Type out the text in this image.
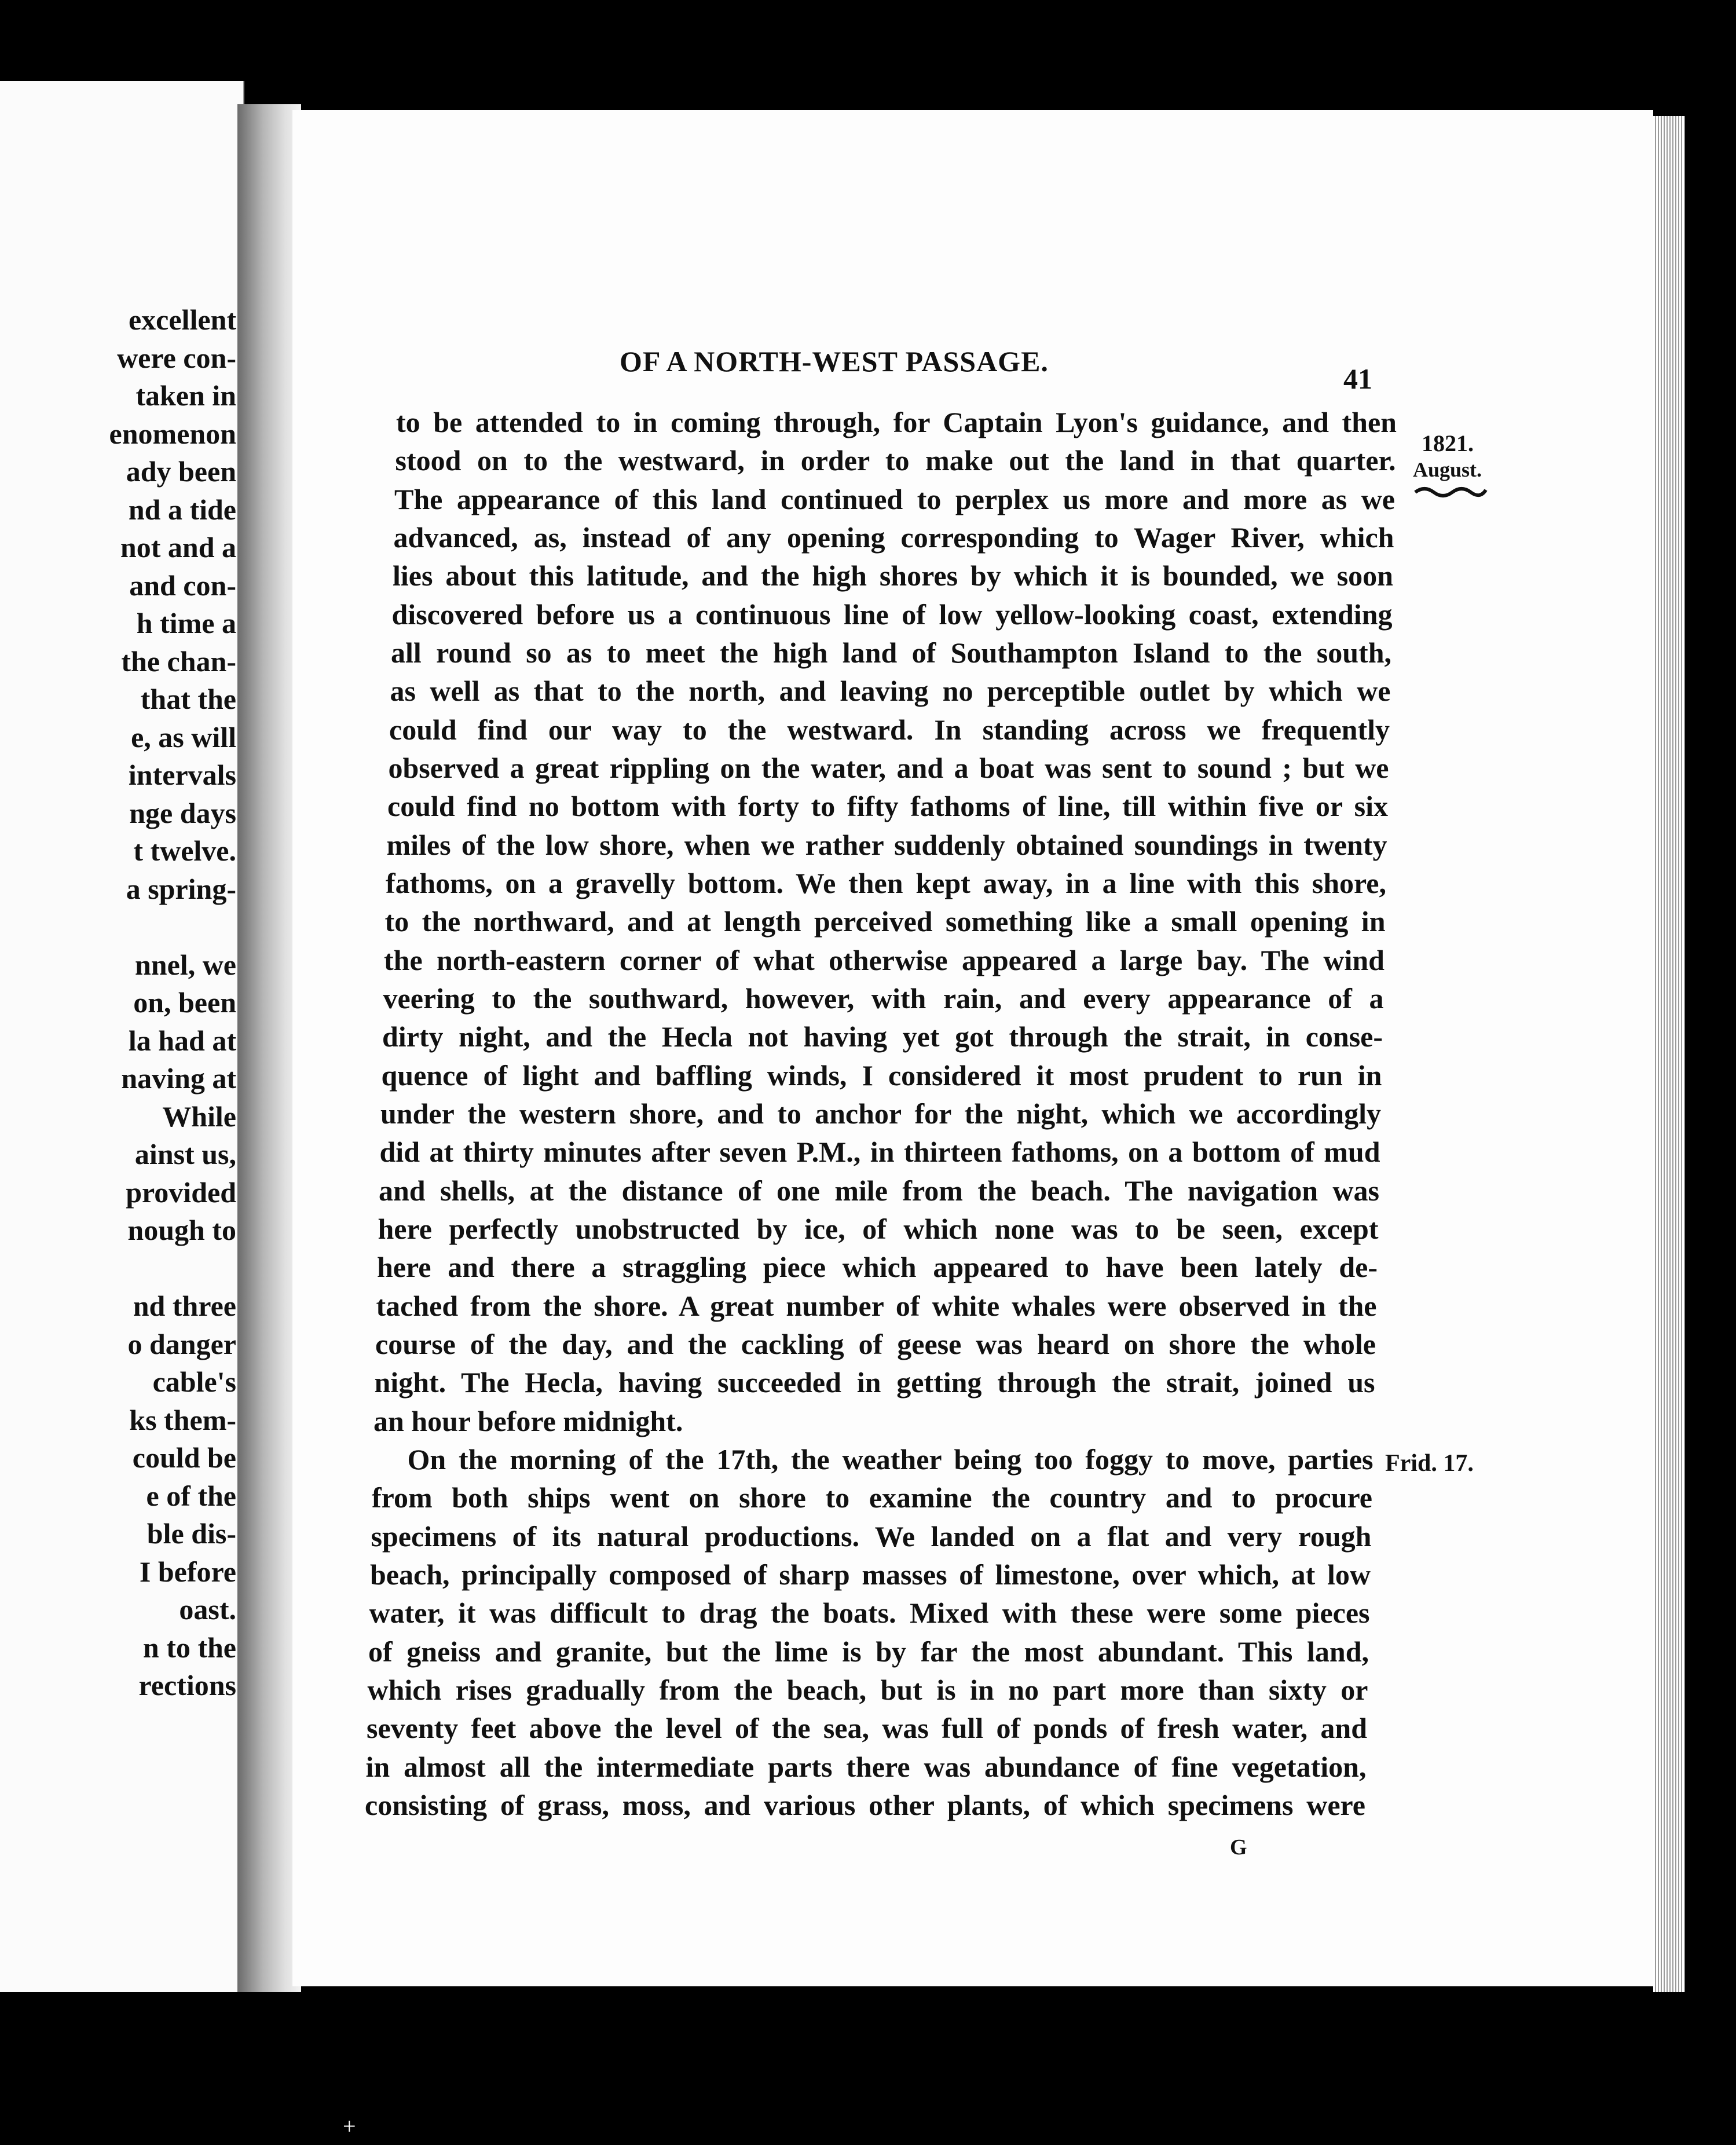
excellent
were con-
taken in
enomenon
ady been
nd a tide
not and a
and con-
h time a
the chan-
that the
e, as will
intervals
nge days
t twelve.
a spring-
nnel, we
on, been
la had at
naving at
While
ainst us,
provided
nough to
nd three
o danger
cable's
ks them-
could be
e of the
ble dis-
I before
oast.
n to the
rections
OF A NORTH-WEST PASSAGE.
41
1821.
August.
Frid. 17.
to be attended to in coming through, for Captain Lyon's guidance, and then
stood on to the westward, in order to make out the land in that quarter.
The appearance of this land continued to perplex us more and more as we
advanced, as, instead of any opening corresponding to Wager River, which
lies about this latitude, and the high shores by which it is bounded, we soon
discovered before us a continuous line of low yellow-looking coast, extending
all round so as to meet the high land of Southampton Island to the south,
as well as that to the north, and leaving no perceptible outlet by which we
could find our way to the westward. In standing across we frequently
observed a great rippling on the water, and a boat was sent to sound ; but we
could find no bottom with forty to fifty fathoms of line, till within five or six
miles of the low shore, when we rather suddenly obtained soundings in twenty
fathoms, on a gravelly bottom. We then kept away, in a line with this shore,
to the northward, and at length perceived something like a small opening in
the north-eastern corner of what otherwise appeared a large bay. The wind
veering to the southward, however, with rain, and every appearance of a
dirty night, and the Hecla not having yet got through the strait, in conse-
quence of light and baffling winds, I considered it most prudent to run in
under the western shore, and to anchor for the night, which we accordingly
did at thirty minutes after seven P.M., in thirteen fathoms, on a bottom of mud
and shells, at the distance of one mile from the beach. The navigation was
here perfectly unobstructed by ice, of which none was to be seen, except
here and there a straggling piece which appeared to have been lately de-
tached from the shore. A great number of white whales were observed in the
course of the day, and the cackling of geese was heard on shore the whole
night. The Hecla, having succeeded in getting through the strait, joined us
an hour before midnight.
On the morning of the 17th, the weather being too foggy to move, parties
from both ships went on shore to examine the country and to procure
specimens of its natural productions. We landed on a flat and very rough
beach, principally composed of sharp masses of limestone, over which, at low
water, it was difficult to drag the boats. Mixed with these were some pieces
of gneiss and granite, but the lime is by far the most abundant. This land,
which rises gradually from the beach, but is in no part more than sixty or
seventy feet above the level of the sea, was full of ponds of fresh water, and
in almost all the intermediate parts there was abundance of fine vegetation,
consisting of grass, moss, and various other plants, of which specimens were
G
+
